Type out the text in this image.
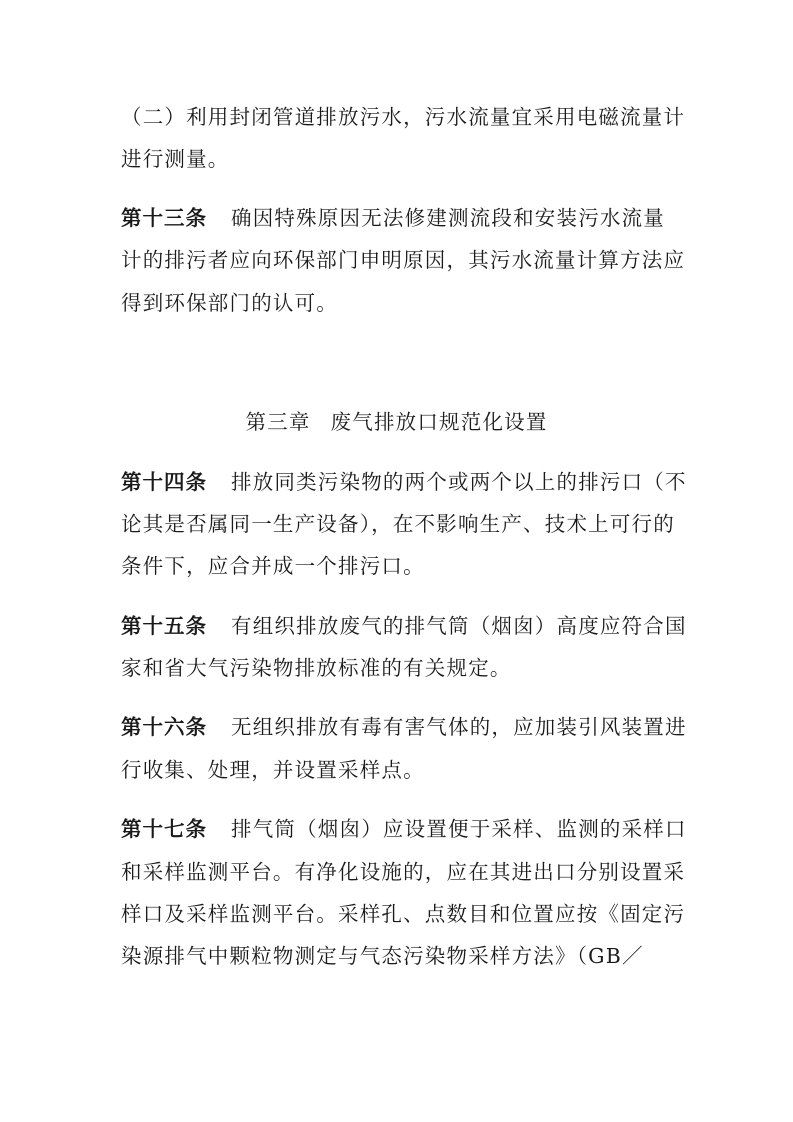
（二）利用封闭管道排放污水，污水流量宜采用电磁流量计
进行测量。
第十三条 确因特殊原因无法修建测流段和安装污水流量
计的排污者应向环保部门申明原因，其污水流量计算方法应
得到环保部门的认可。
第三章 废气排放口规范化设置
第十四条 排放同类污染物的两个或两个以上的排污口（不
论其是否属同一生产设备），在不影响生产、技术上可行的
条件下，应合并成一个排污口。
第十五条 有组织排放废气的排气筒（烟囱）高度应符合国
家和省大气污染物排放标准的有关规定。
第十六条 无组织排放有毒有害气体的，应加装引风装置进
行收集、处理，并设置采样点。
第十七条 排气筒（烟囱）应设置便于采样、监测的采样口
和采样监测平台。有净化设施的，应在其进出口分别设置采
样口及采样监测平台。采样孔、点数目和位置应按《固定污
染源排气中颗粒物测定与气态污染物采样方法》（GB／
